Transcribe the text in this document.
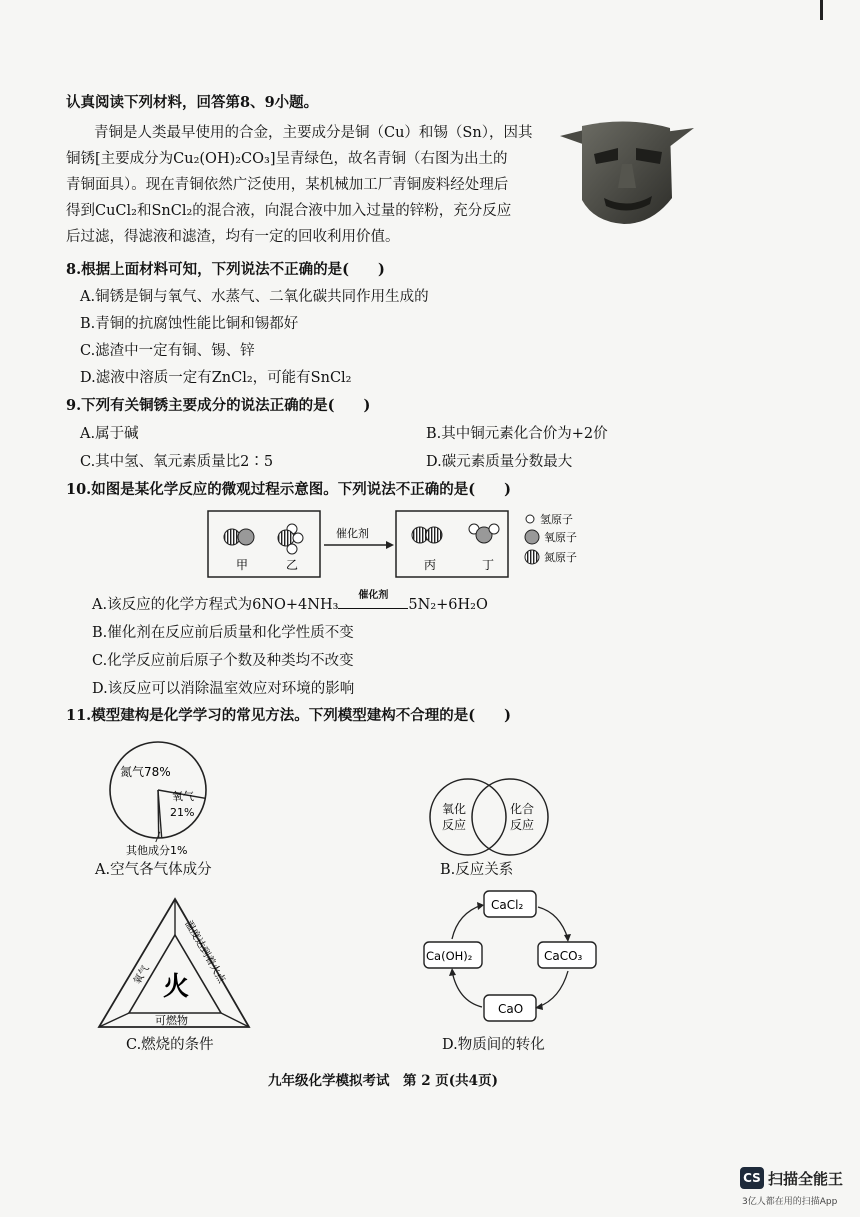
认真阅读下列材料，回答第8、9小题。
青铜是人类最早使用的合金，主要成分是铜（Cu）和锡（Sn），因其
铜锈[主要成分为Cu₂(OH)₂CO₃]呈青绿色，故名青铜（右图为出土的
青铜面具）。现在青铜依然广泛使用，某机械加工厂青铜废料经处理后
得到CuCl₂和SnCl₂的混合液，向混合液中加入过量的锌粉，充分反应
后过滤，得滤液和滤渣，均有一定的回收利用价值。
8.根据上面材料可知，下列说法不正确的是(　　)
A.铜锈是铜与氧气、水蒸气、二氧化碳共同作用生成的
B.青铜的抗腐蚀性能比铜和锡都好
C.滤渣中一定有铜、锡、锌
D.滤液中溶质一定有ZnCl₂，可能有SnCl₂
9.下列有关铜锈主要成分的说法正确的是(　　)
A.属于碱	B.其中铜元素化合价为+2价
C.其中氢、氧元素质量比2∶5	D.碳元素质量分数最大
10.如图是某化学反应的微观过程示意图。下列说法不正确的是(　　)
甲	乙
催化剂
丙	丁
氢原子
氧原子
氮原子
A.该反应的化学方程式为6NO+4NH₃
催化剂
5N₂+6H₂O
B.催化剂在反应前后质量和化学性质不变
C.化学反应前后原子个数及种类均不改变
D.该反应可以消除温室效应对环境的影响
11.模型建构是化学学习的常见方法。下列模型建构不合理的是(　　)
氮气78%
氧气
21%
其他成分1%
A.空气各气体成分
氧化
反应
化合
反应
B.反应关系
火
氧气	温度达到着火点
可燃物
C.燃烧的条件
CaCl₂
CaCO₃
CaO
Ca(OH)₂
D.物质间的转化
九年级化学模拟考试　第 2 页(共4页)
CS 扫描全能王
3亿人都在用的扫描App
